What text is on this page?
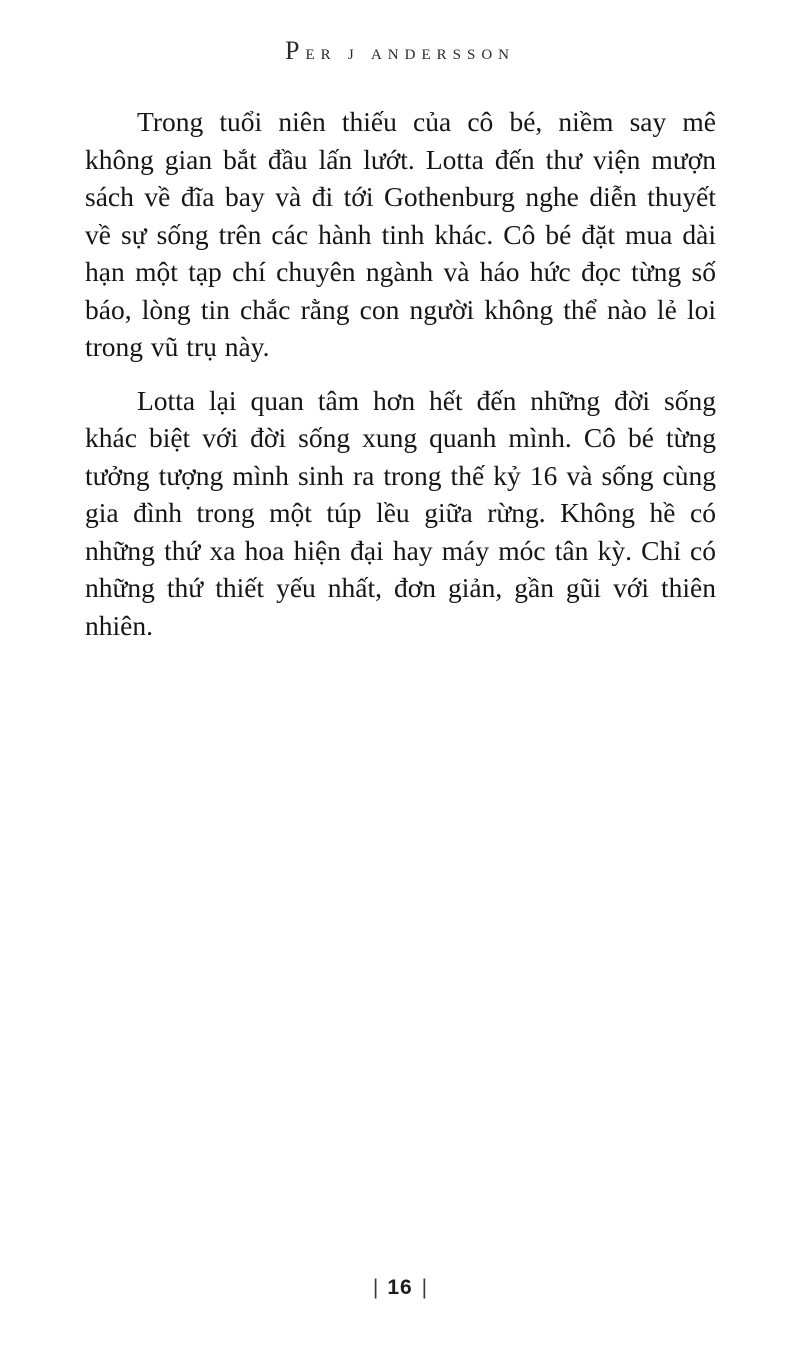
Per j andersson

Trong tuổi niên thiếu của cô bé, niềm say mê không gian bắt đầu lấn lướt. Lotta đến thư viện mượn sách về đĩa bay và đi tới Gothenburg nghe diễn thuyết về sự sống trên các hành tinh khác. Cô bé đặt mua dài hạn một tạp chí chuyên ngành và háo hức đọc từng số báo, lòng tin chắc rằng con người không thể nào lẻ loi trong vũ trụ này.

Lotta lại quan tâm hơn hết đến những đời sống khác biệt với đời sống xung quanh mình. Cô bé từng tưởng tượng mình sinh ra trong thế kỷ 16 và sống cùng gia đình trong một túp lều giữa rừng. Không hề có những thứ xa hoa hiện đại hay máy móc tân kỳ. Chỉ có những thứ thiết yếu nhất, đơn giản, gần gũi với thiên nhiên.

| 16 |
